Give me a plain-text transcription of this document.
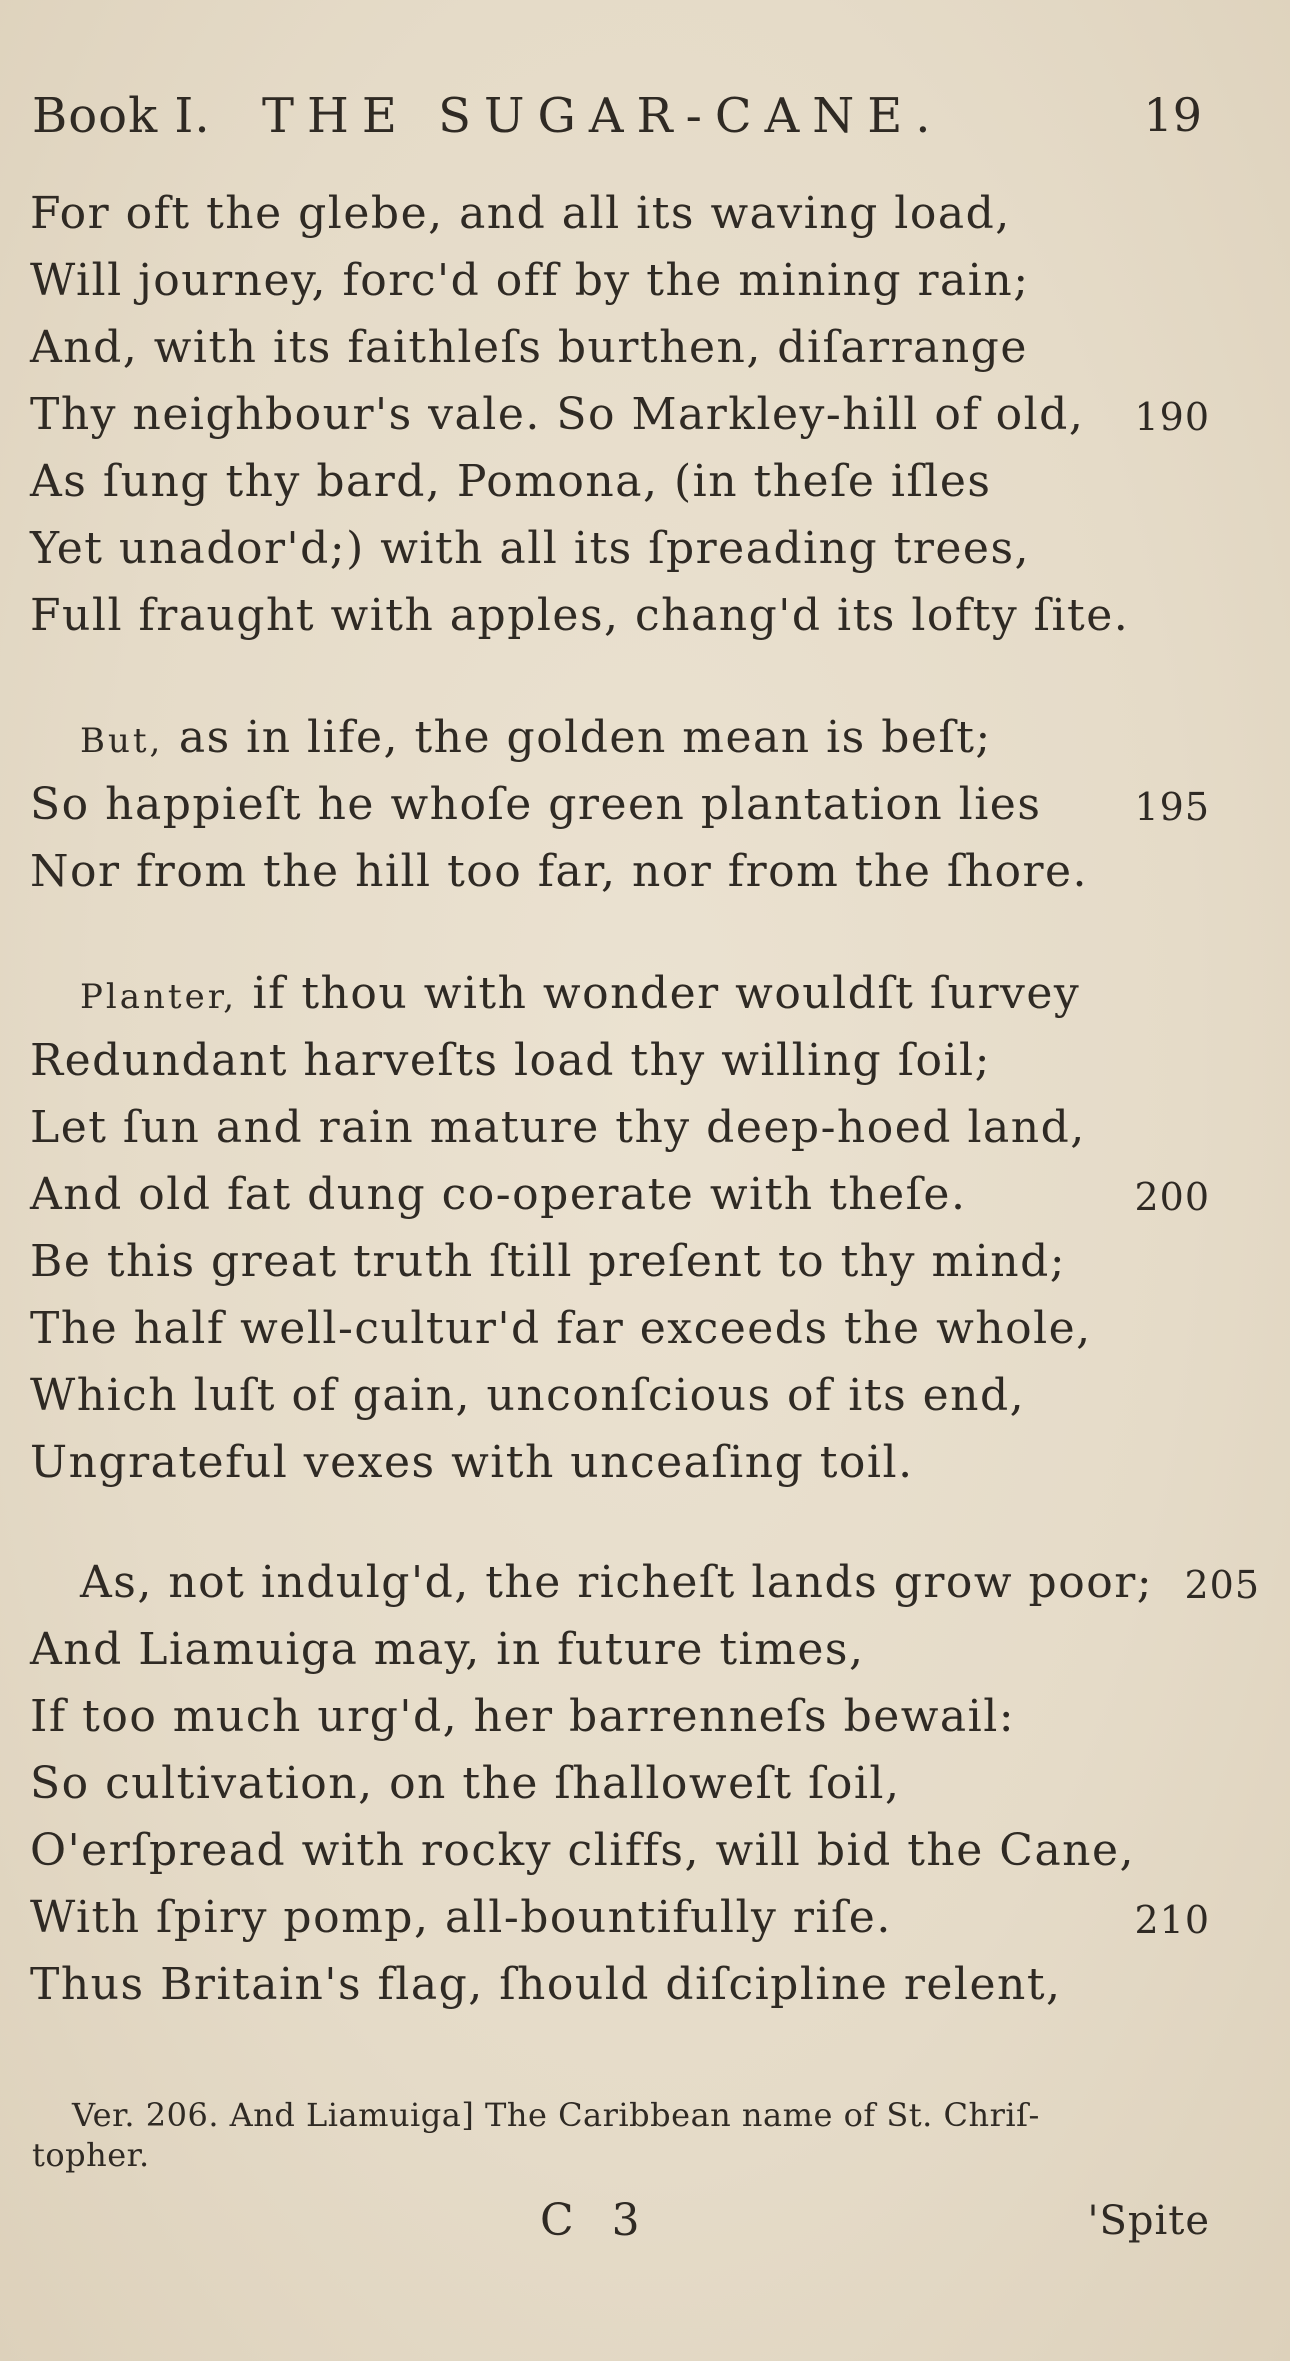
Book I. THE SUGAR-CANE.	19
For oft the glebe, and all its waving load,
Will journey, forc'd off by the mining rain;
And, with its faithleſs burthen, diſarrange
Thy neighbour's vale. So Markley-hill of old, 190
As ſung thy bard, Pomona, (in theſe iſles
Yet unador'd;) with all its ſpreading trees,
Full fraught with apples, chang'd its lofty ſite.
But, as in life, the golden mean is beſt;
So happieſt he whoſe green plantation lies 195
Nor from the hill too far, nor from the ſhore.
Planter, if thou with wonder wouldſt ſurvey
Redundant harveſts load thy willing ſoil;
Let ſun and rain mature thy deep-hoed land,
And old fat dung co-operate with theſe.	200
Be this great truth ſtill preſent to thy mind;
The half well-cultur'd far exceeds the whole,
Which luſt of gain, unconſcious of its end,
Ungrateful vexes with unceaſing toil.
As, not indulg'd, the richeſt lands grow poor; 205
And Liamuiga may, in future times,
If too much urg'd, her barrenneſs bewail:
So cultivation, on the ſhalloweſt ſoil,
O'erſpread with rocky cliffs, will bid the Cane,
With ſpiry pomp, all-bountifully riſe.	210
Thus Britain's flag, ſhould diſcipline relent,
Ver. 206. And Liamuiga] The Caribbean name of St. Chriſ-
topher.
C 3	'Spite
